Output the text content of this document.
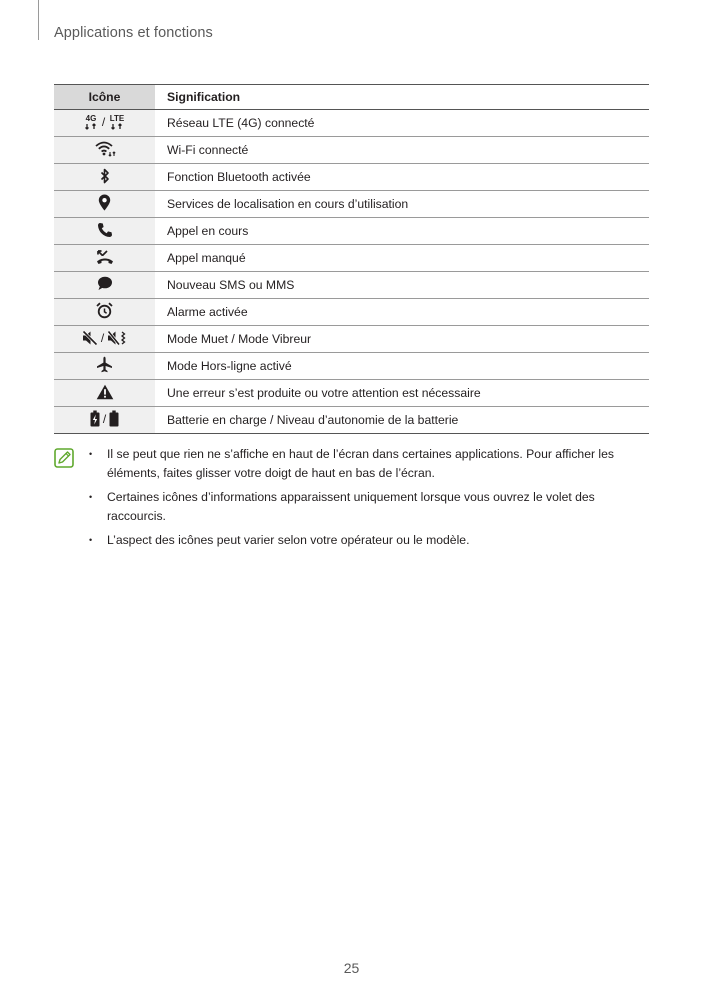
Applications et fonctions
Icône	Signification

4G / LTE	Réseau LTE (4G) connecté

	Wi-Fi connecté

	Fonction Bluetooth activée

	Services de localisation en cours d’utilisation

	Appel en cours

	Appel manqué

	Nouveau SMS ou MMS

	Alarme activée

/	Mode Muet / Mode Vibreur

	Mode Hors-ligne activé

	Une erreur s’est produite ou votre attention est nécessaire

/	Batterie en charge / Niveau d’autonomie de la batterie
• Il se peut que rien ne s’affiche en haut de l’écran dans certaines applications. Pour afficher les éléments, faites glisser votre doigt de haut en bas de l’écran.
• Certaines icônes d’informations apparaissent uniquement lorsque vous ouvrez le volet des raccourcis.
• L’aspect des icônes peut varier selon votre opérateur ou le modèle.
25
